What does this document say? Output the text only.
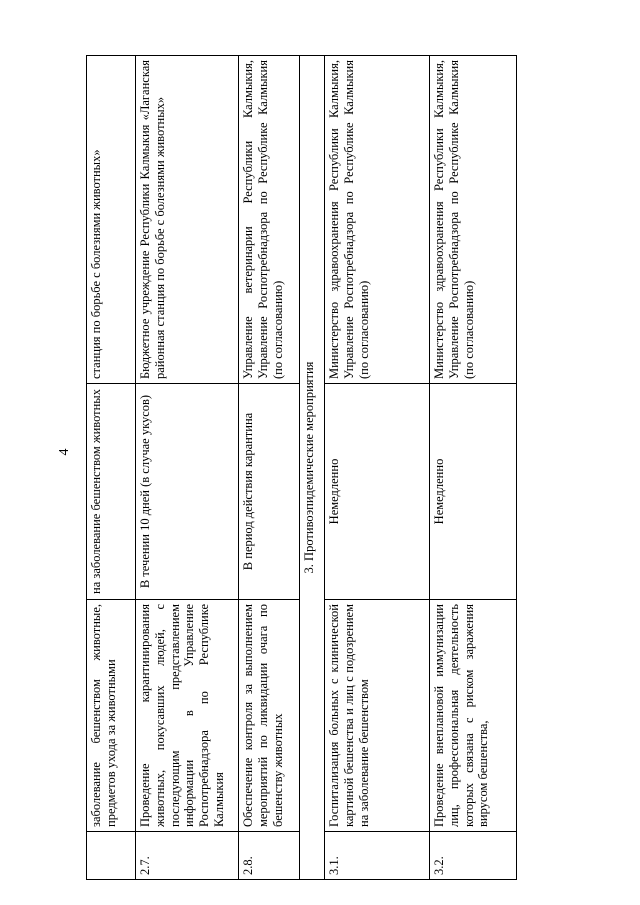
4
	заболевание бешенством животные, предметов ухода за животными	на заболевание бешенством животных	станция по борьбе с болезнями животных»
2.7.	Проведение карантинирования животных, покусавших людей, с последующим представлением информации в Управление Роспотребнадзора по Республике Калмыкия	В течении 10 дней (в случае укусов)	Бюджетное учреждение Республики Калмыкия «Лаганская районная станция по борьбе с болезнями животных»
2.8.	Обеспечение контроля за выполнением мероприятий по ликвидации очага по бешенству животных	В период действия карантина	Управление ветеринарии Республики Калмыкия, Управление Роспотребнадзора по Республике Калмыкия (по согласованию)
3. Противоэпидемические мероприятия			
3.1.	Госпитализация больных с клинической картиной бешенства и лиц с подозрением на заболевание бешенством	Немедленно	Министерство здравоохранения Республики Калмыкия, Управление Роспотребнадзора по Республике Калмыкия (по согласованию)
3.2.	Проведение внеплановой иммунизации лиц, профессиональная деятельность которых связана с риском заражения вирусом бешенства,	Немедленно	Министерство здравоохранения Республики Калмыкия, Управление Роспотребнадзора по Республике Калмыкия (по согласованию)
